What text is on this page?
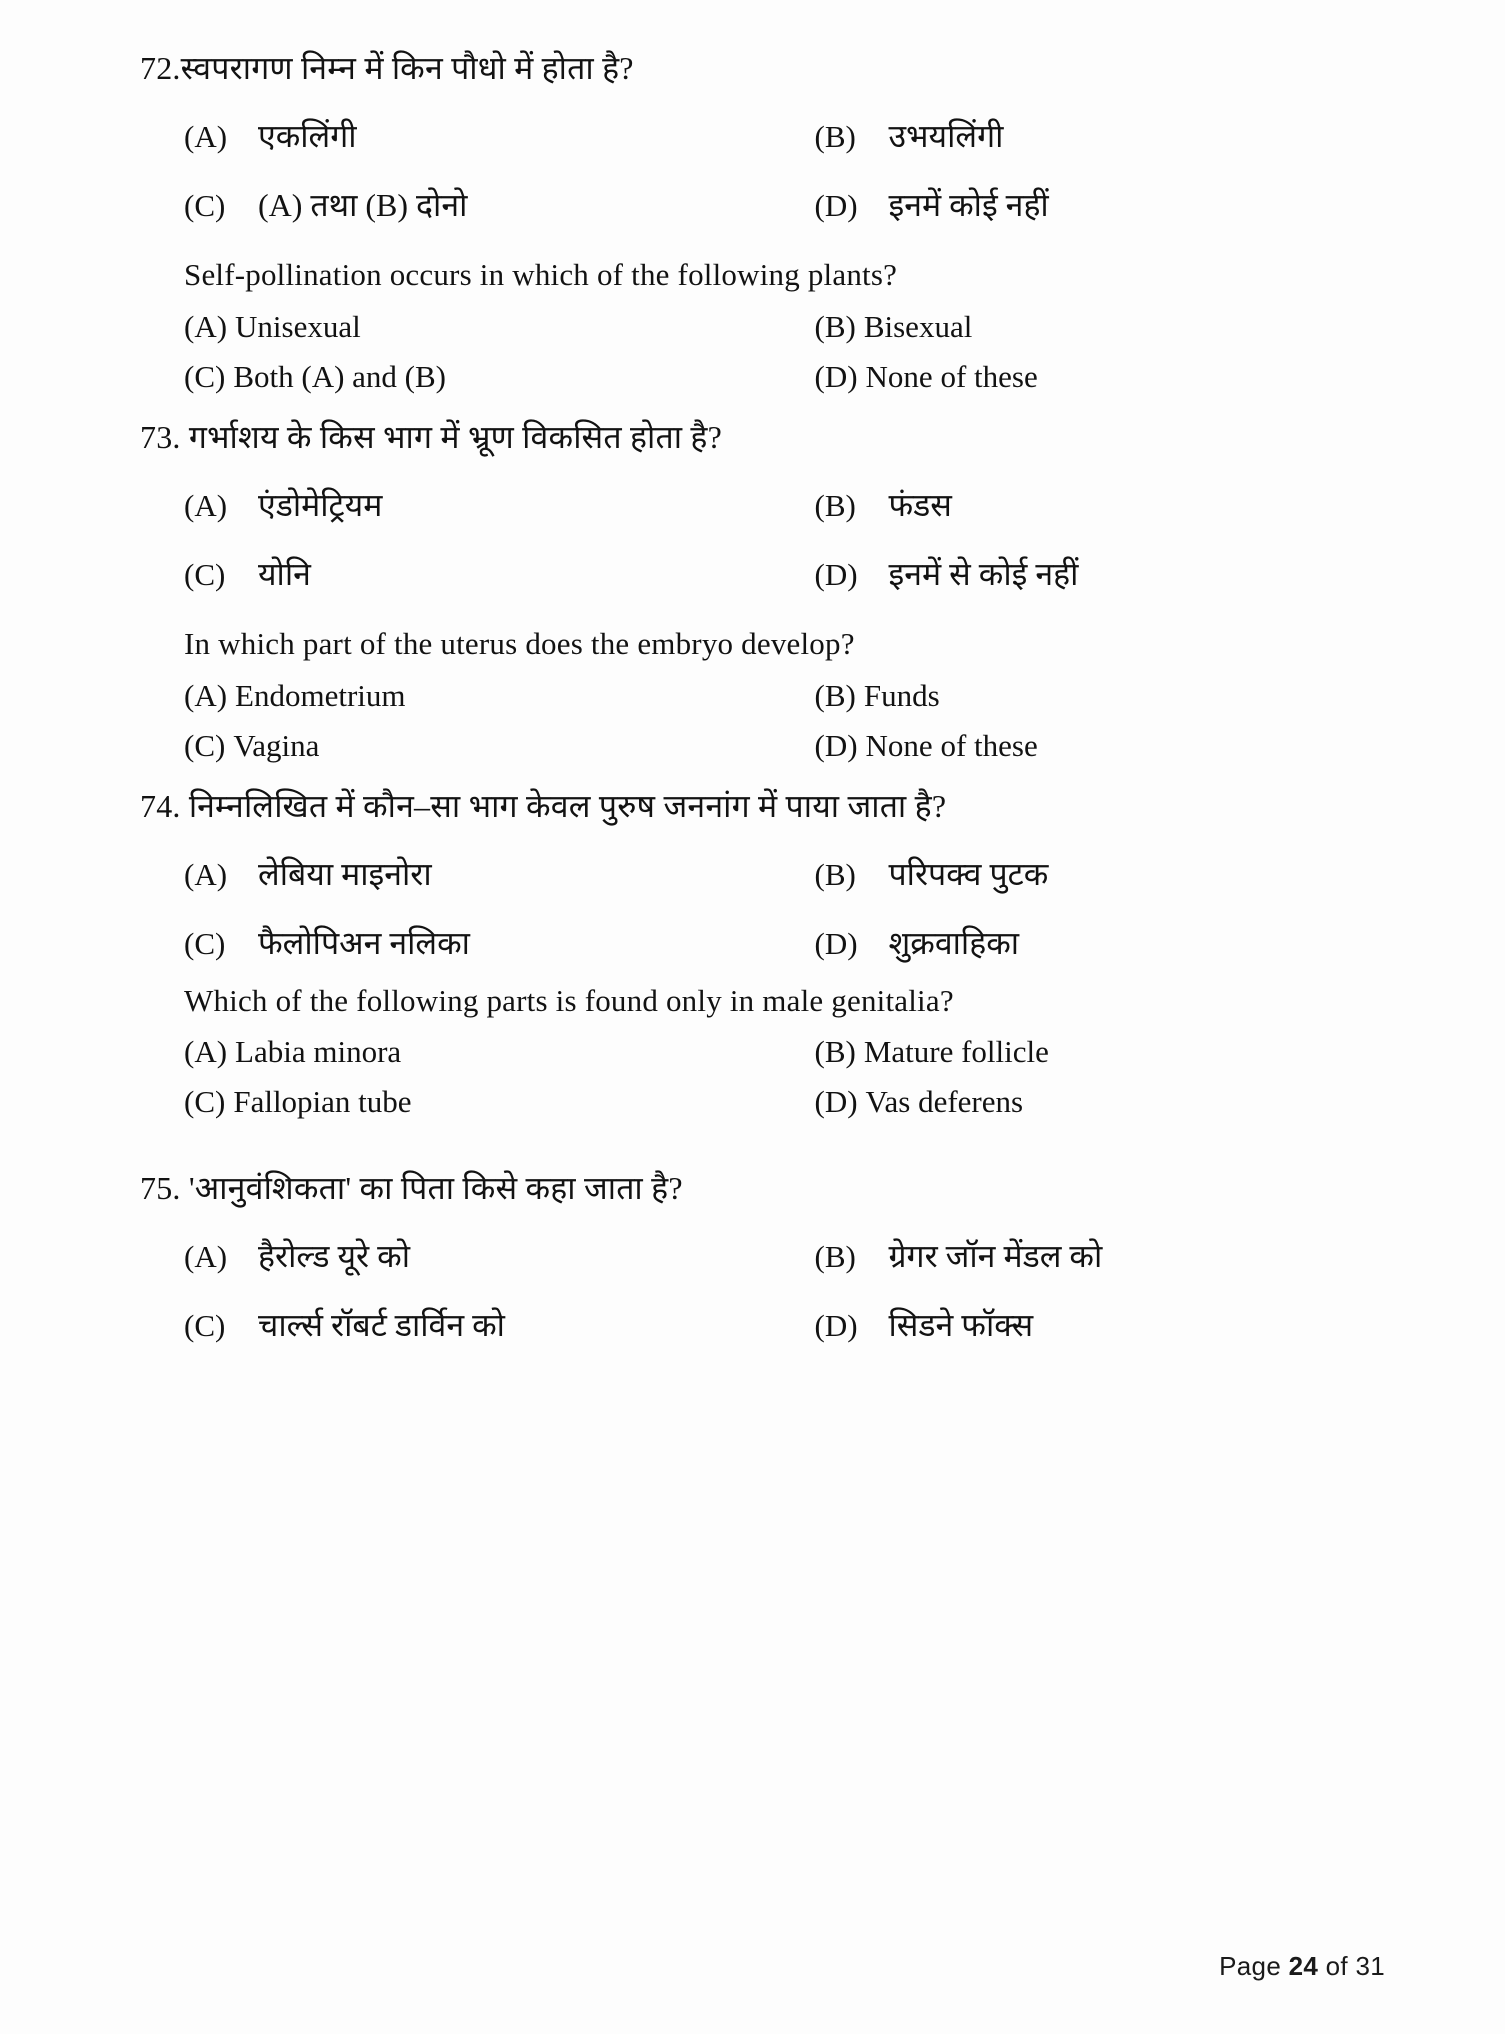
72.स्वपरागण निम्न में किन पौधो में होता है?
(A) एकलिंगी	(B)	उभयलिंगी
(C)	(A) तथा (B) दोनो	(D) इनमें कोई नहीं
Self-pollination occurs in which of the following plants?
(A) Unisexual	(B) Bisexual
(C) Both (A) and (B)	(D) None of these
73. गर्भाशय के किस भाग में भ्रूण विकसित होता है?
(A) एंडोमेट्रियम	(B)	फंडस
(C)	योनि	(D) इनमें से कोई नहीं
In which part of the uterus does the embryo develop?
(A) Endometrium	(B) Funds
(C) Vagina	(D) None of these
74. निम्नलिखित में कौन–सा भाग केवल पुरुष जननांग में पाया जाता है?
(A) लेबिया माइनोरा	(B)	परिपक्व पुटक
(C)	फैलोपिअन नलिका	(D) शुक्रवाहिका
Which of the following parts is found only in male genitalia?
(A) Labia minora	(B) Mature follicle
(C) Fallopian tube	(D) Vas deferens
75. 'आनुवंशिकता' का पिता किसे कहा जाता है?
(A) हैरोल्ड यूरे को	(B)	ग्रेगर जॉन मेंडल को
(C)	चार्ल्स रॉबर्ट डार्विन को	(D) सिडने फॉक्स
Page 24 of 31
